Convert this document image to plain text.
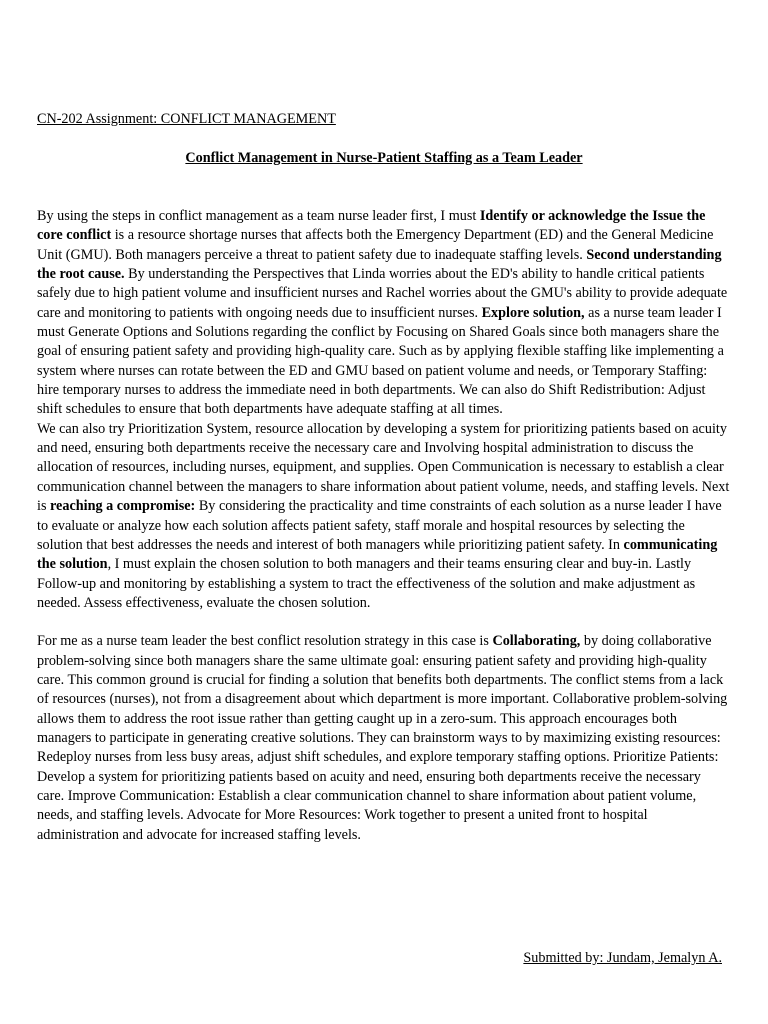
CN-202 Assignment: CONFLICT MANAGEMENT
Conflict Management in Nurse-Patient Staffing as a Team Leader

By using the steps in conflict management as a team nurse leader first, I must Identify or acknowledge the Issue the core conflict is a resource shortage nurses that affects both the Emergency Department (ED) and the General Medicine Unit (GMU). Both managers perceive a threat to patient safety due to inadequate staffing levels. Second understanding the root cause. By understanding the Perspectives that Linda worries about the ED's ability to handle critical patients safely due to high patient volume and insufficient nurses and Rachel worries about the GMU's ability to provide adequate care and monitoring to patients with ongoing needs due to insufficient nurses. Explore solution, as a nurse team leader I must Generate Options and Solutions regarding the conflict by Focusing on Shared Goals since both managers share the goal of ensuring patient safety and providing high-quality care. Such as by applying flexible staffing like implementing a system where nurses can rotate between the ED and GMU based on patient volume and needs, or Temporary Staffing: hire temporary nurses to address the immediate need in both departments. We can also do Shift Redistribution: Adjust shift schedules to ensure that both departments have adequate staffing at all times.

We can also try Prioritization System, resource allocation by developing a system for prioritizing patients based on acuity and need, ensuring both departments receive the necessary care and Involving hospital administration to discuss the allocation of resources, including nurses, equipment, and supplies. Open Communication is necessary to establish a clear communication channel between the managers to share information about patient volume, needs, and staffing levels. Next is reaching a compromise: By considering the practicality and time constraints of each solution as a nurse leader I have to evaluate or analyze how each solution affects patient safety, staff morale and hospital resources by selecting the solution that best addresses the needs and interest of both managers while prioritizing patient safety. In communicating the solution, I must explain the chosen solution to both managers and their teams ensuring clear and buy-in. Lastly Follow-up and monitoring by establishing a system to tract the effectiveness of the solution and make adjustment as needed. Assess effectiveness, evaluate the chosen solution.

For me as a nurse team leader the best conflict resolution strategy in this case is Collaborating, by doing collaborative problem-solving since both managers share the same ultimate goal: ensuring patient safety and providing high-quality care. This common ground is crucial for finding a solution that benefits both departments. The conflict stems from a lack of resources (nurses), not from a disagreement about which department is more important. Collaborative problem-solving allows them to address the root issue rather than getting caught up in a zero-sum. This approach encourages both managers to participate in generating creative solutions. They can brainstorm ways to by maximizing existing resources: Redeploy nurses from less busy areas, adjust shift schedules, and explore temporary staffing options. Prioritize Patients: Develop a system for prioritizing patients based on acuity and need, ensuring both departments receive the necessary care. Improve Communication: Establish a clear communication channel to share information about patient volume, needs, and staffing levels. Advocate for More Resources: Work together to present a united front to hospital administration and advocate for increased staffing levels.

Submitted by: Jundam, Jemalyn A.
